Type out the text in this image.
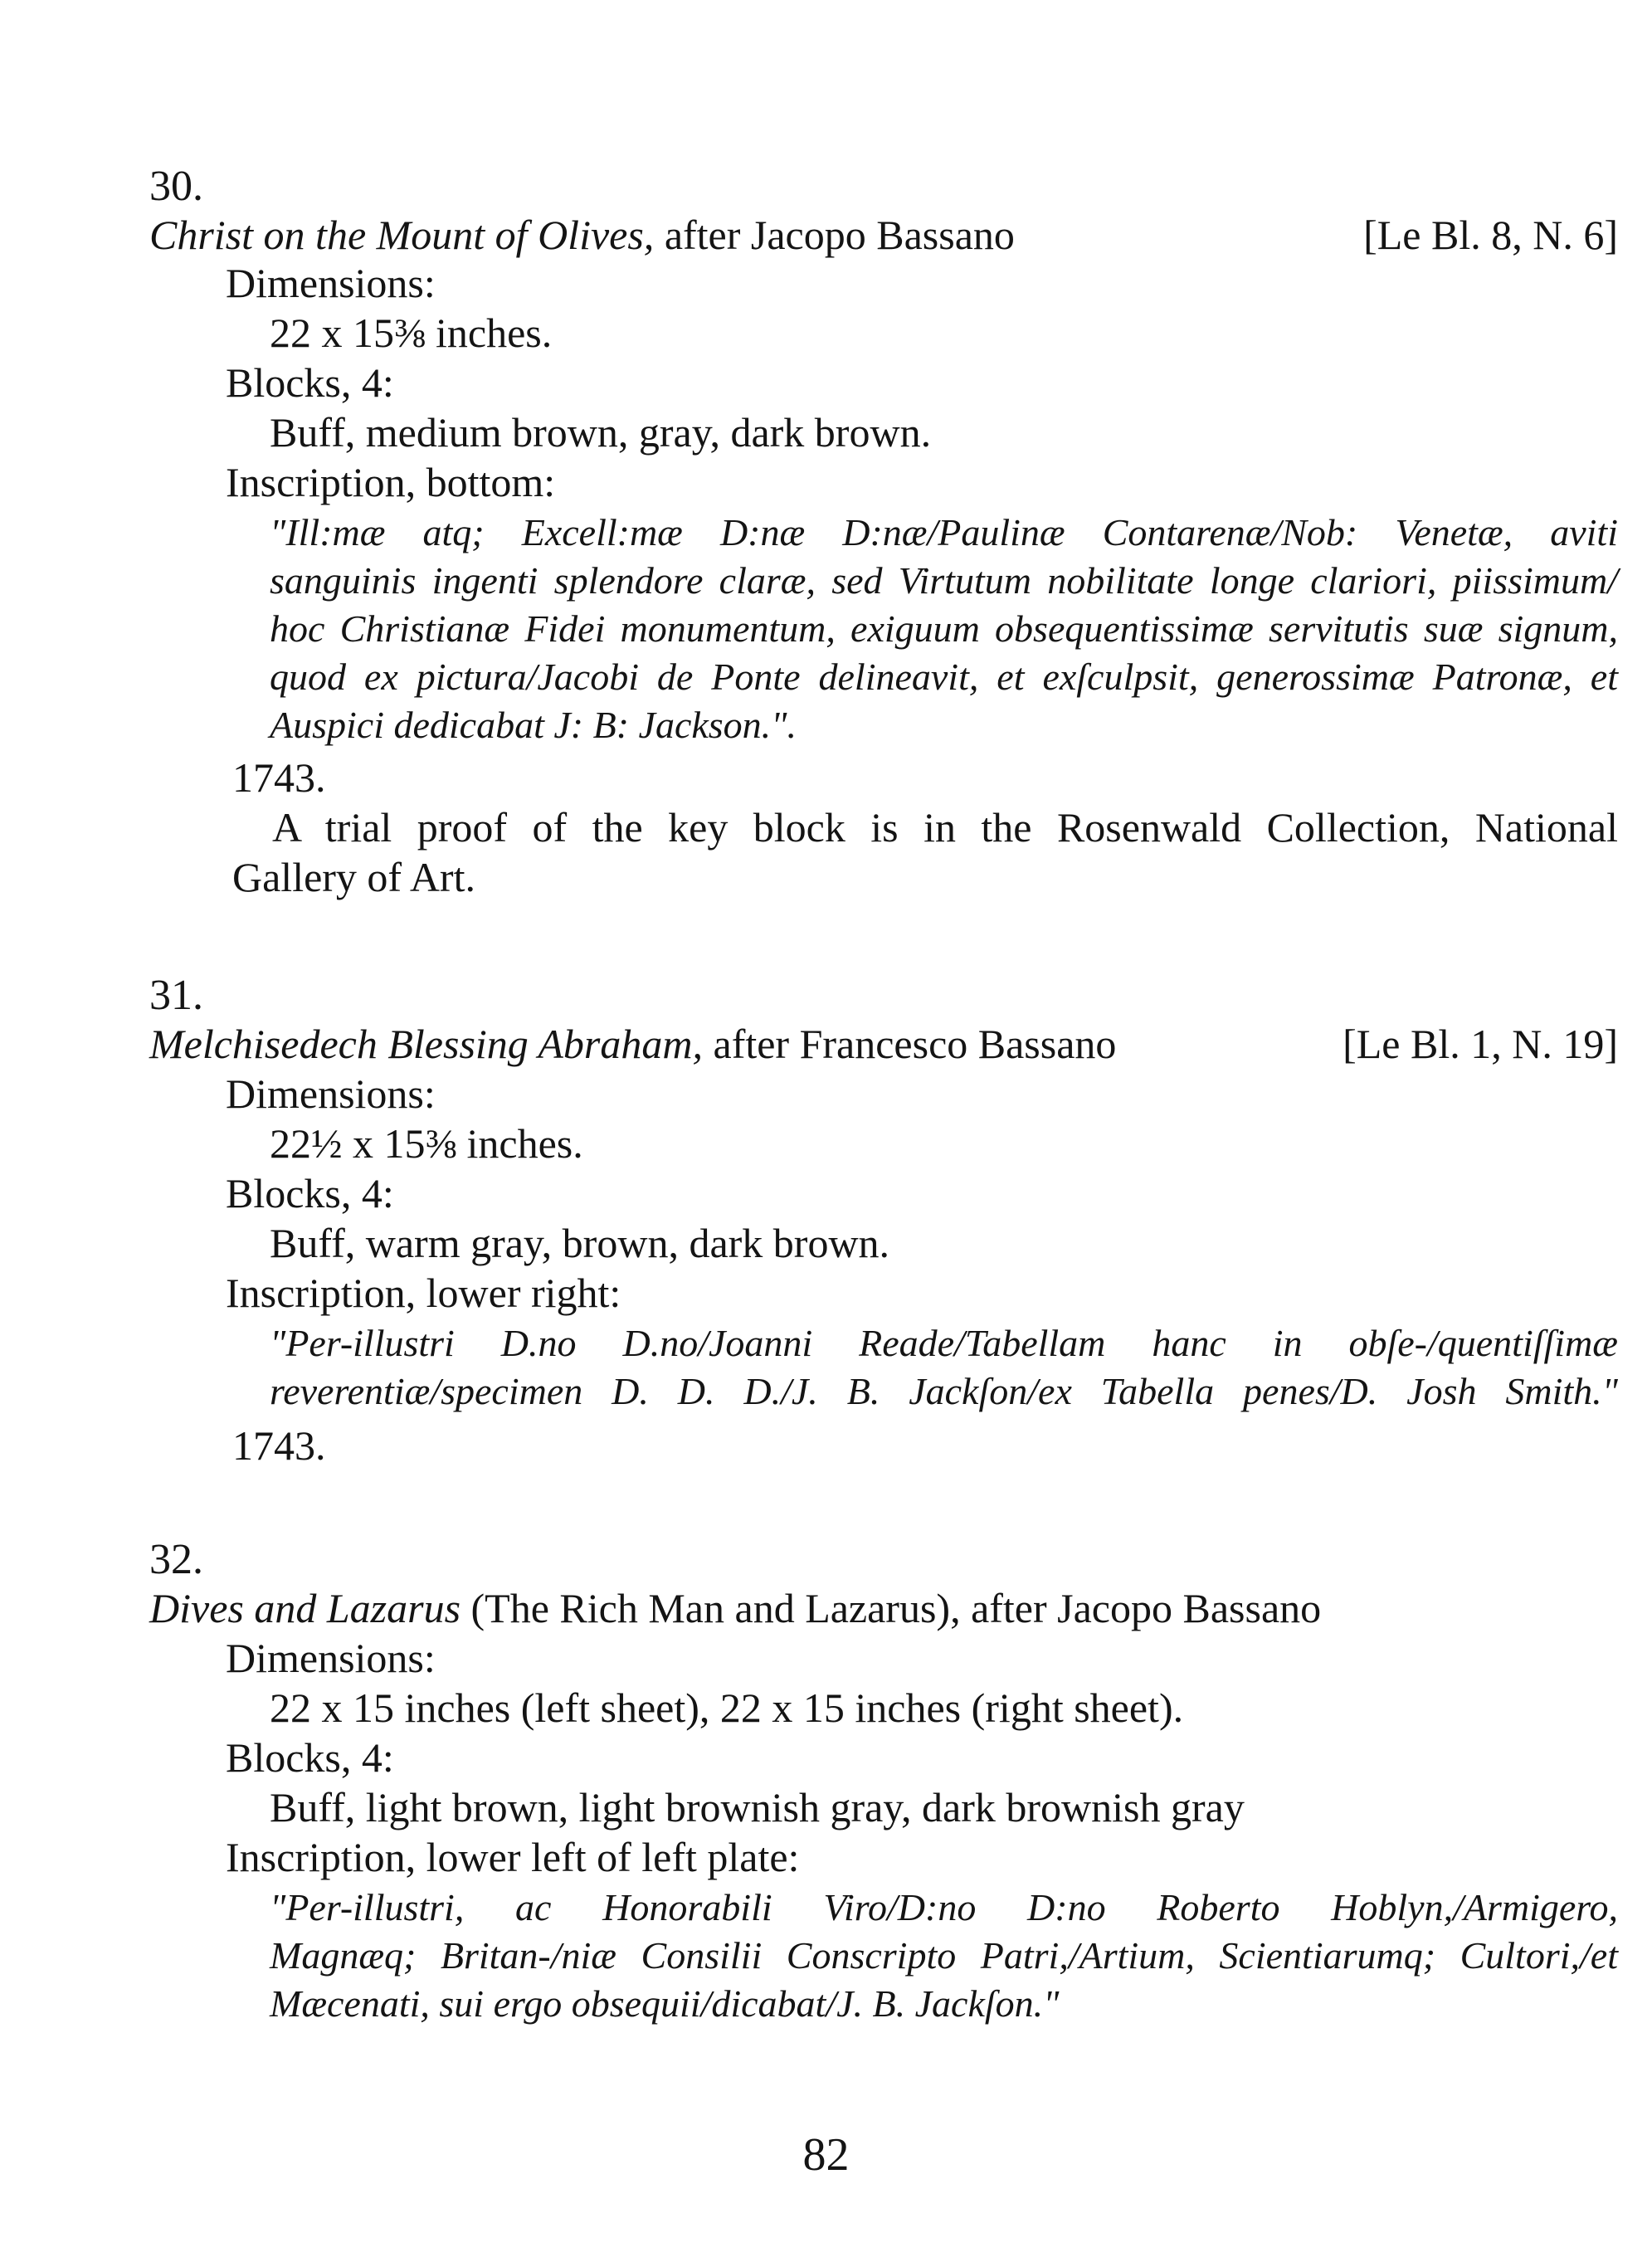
30.
Christ on the Mount of Olives, after Jacopo Bassano	[Le Bl. 8, N. 6]
Dimensions:
22 x 15⅜ inches.
Blocks, 4:
Buff, medium brown, gray, dark brown.
Inscription, bottom:
"Ill:mæ atq; Excell:mæ D:næ D:næ/Paulinæ Contarenæ/Nob: Venetæ, aviti
sanguinis ingenti splendore claræ, sed Virtutum nobilitate longe clariori, piissimum/
hoc Christianæ Fidei monumentum, exiguum obsequentissimæ servitutis suæ signum,
quod ex pictura/Jacobi de Ponte delineavit, et exſculpsit, generossimæ Patronæ, et
Auspici dedicabat J: B: Jackson.".
1743.
A trial proof of the key block is in the Rosenwald Collection, National
Gallery of Art.
31.
Melchisedech Blessing Abraham, after Francesco Bassano	[Le Bl. 1, N. 19]
Dimensions:
22½ x 15⅜ inches.
Blocks, 4:
Buff, warm gray, brown, dark brown.
Inscription, lower right:
"Per-illustri D.no D.no/Joanni Reade/Tabellam hanc in obſe-/quentiſſimæ
reverentiæ/specimen D. D. D./J. B. Jackſon/ex Tabella penes/D. Josh Smith."
1743.
32.
Dives and Lazarus (The Rich Man and Lazarus), after Jacopo Bassano
Dimensions:
22 x 15 inches (left sheet), 22 x 15 inches (right sheet).
Blocks, 4:
Buff, light brown, light brownish gray, dark brownish gray
Inscription, lower left of left plate:
"Per-illustri, ac Honorabili Viro/D:no D:no Roberto Hoblyn,/Armigero,
Magnæq; Britan-/niæ Consilii Conscripto Patri,/Artium, Scientiarumq; Cultori,/et
Mæcenati, sui ergo obsequii/dicabat/J. B. Jackſon."
82
